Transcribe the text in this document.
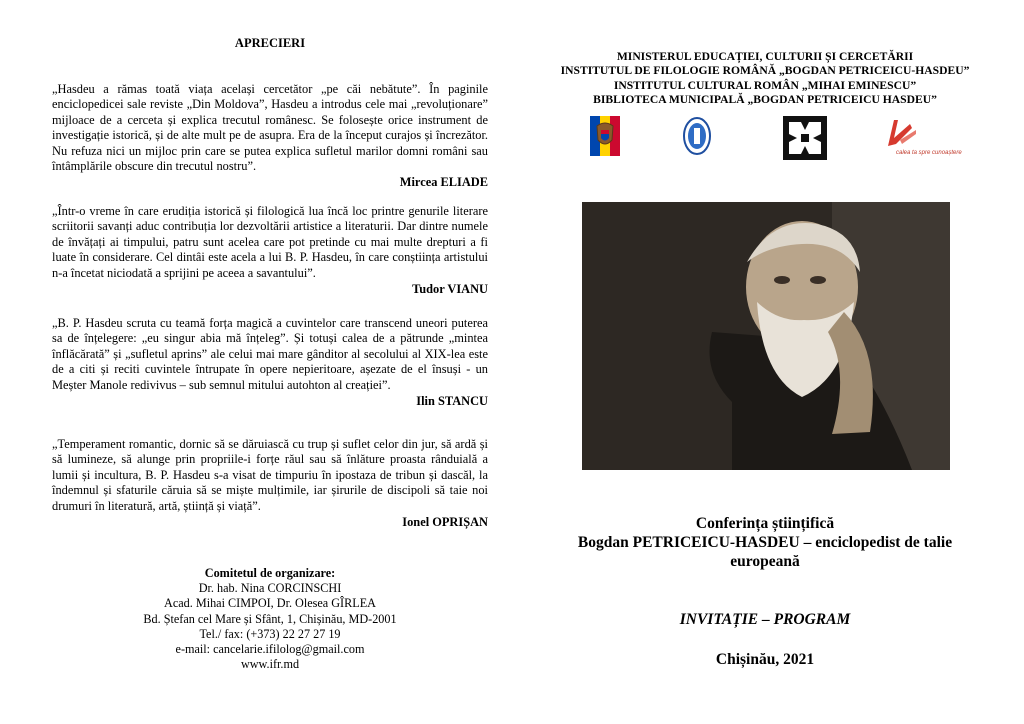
APRECIERI

„Hasdeu a rămas toată viața același cercetător „pe căi nebătute”. În paginile enciclopedicei sale reviste „Din Moldova”, Hasdeu a introdus cele mai „revoluționare” mijloace de a cerceta și explica trecutul românesc. Se folosește orice instrument de investigație istorică, și de alte mult pe de asupra. Era de la început curajos și încrezător. Nu refuza nici un mijloc prin care se putea explica sufletul marilor domni români sau întâmplările obscure din trecutul nostru”.

Mircea ELIADE

„Într-o vreme în care erudiția istorică și filologică lua încă loc printre genurile literare scriitorii savanți aduc contribuția lor dezvoltării artistice a literaturii. Dar dintre numele de învățați ai timpului, patru sunt acelea care pot pretinde cu mai multe drepturi a fi luate în considerare. Cel dintâi este acela a lui B. P. Hasdeu, în care conștiința artistului n-a încetat niciodată a sprijini pe aceea a savantului”.

Tudor VIANU

„B. P. Hasdeu scruta cu teamă forța magică a cuvintelor care transcend uneori puterea sa de înțelegere: „eu singur abia mă înțeleg”. Și totuși calea de a pătrunde „mintea înflăcărată” și „sufletul aprins” ale celui mai mare gânditor al secolului al XIX-lea este de a citi și reciti cuvintele întrupate în opere nepieritoare, așezate de el însuși - un Meșter Manole redivivus – sub semnul mitului autohton al creației”.

Ilin STANCU

„Temperament romantic, dornic să se dăruiască cu trup și suflet celor din jur, să ardă și să lumineze, să alunge prin propriile-i forțe răul sau să înlăture proasta rânduială a lumii și incultura, B. P. Hasdeu s-a visat de timpuriu în ipostaza de tribun și dascăl, la îndemnul și sfaturile căruia să se miște mulțimile, iar șirurile de discipoli să taie noi drumuri în literatură, artă, știință și viață”.

Ionel OPRIȘAN

Comitetul de organizare:
Dr. hab. Nina CORCINSCHI
Acad. Mihai CIMPOI, Dr. Olesea GÎRLEA
Bd. Ștefan cel Mare și Sfânt, 1, Chișinău, MD-2001
Tel./ fax: (+373) 22 27 27 19
e-mail: cancelarie.ifilolog@gmail.com
www.ifr.md
MINISTERUL EDUCAȚIEI, CULTURII ȘI CERCETĂRII
INSTITUTUL DE FILOLOGIE ROMÂNĂ „BOGDAN PETRICEICU-HASDEU”
INSTITUTUL CULTURAL ROMÂN „MIHAI EMINESCU”
BIBLIOTECA MUNICIPALĂ „BOGDAN PETRICEICU HASDEU”
calea ta spre cunoaștere
Conferința științifică
Bogdan PETRICEICU-HASDEU – enciclopedist de talie
europeană
INVITAȚIE – PROGRAM
Chișinău, 2021
